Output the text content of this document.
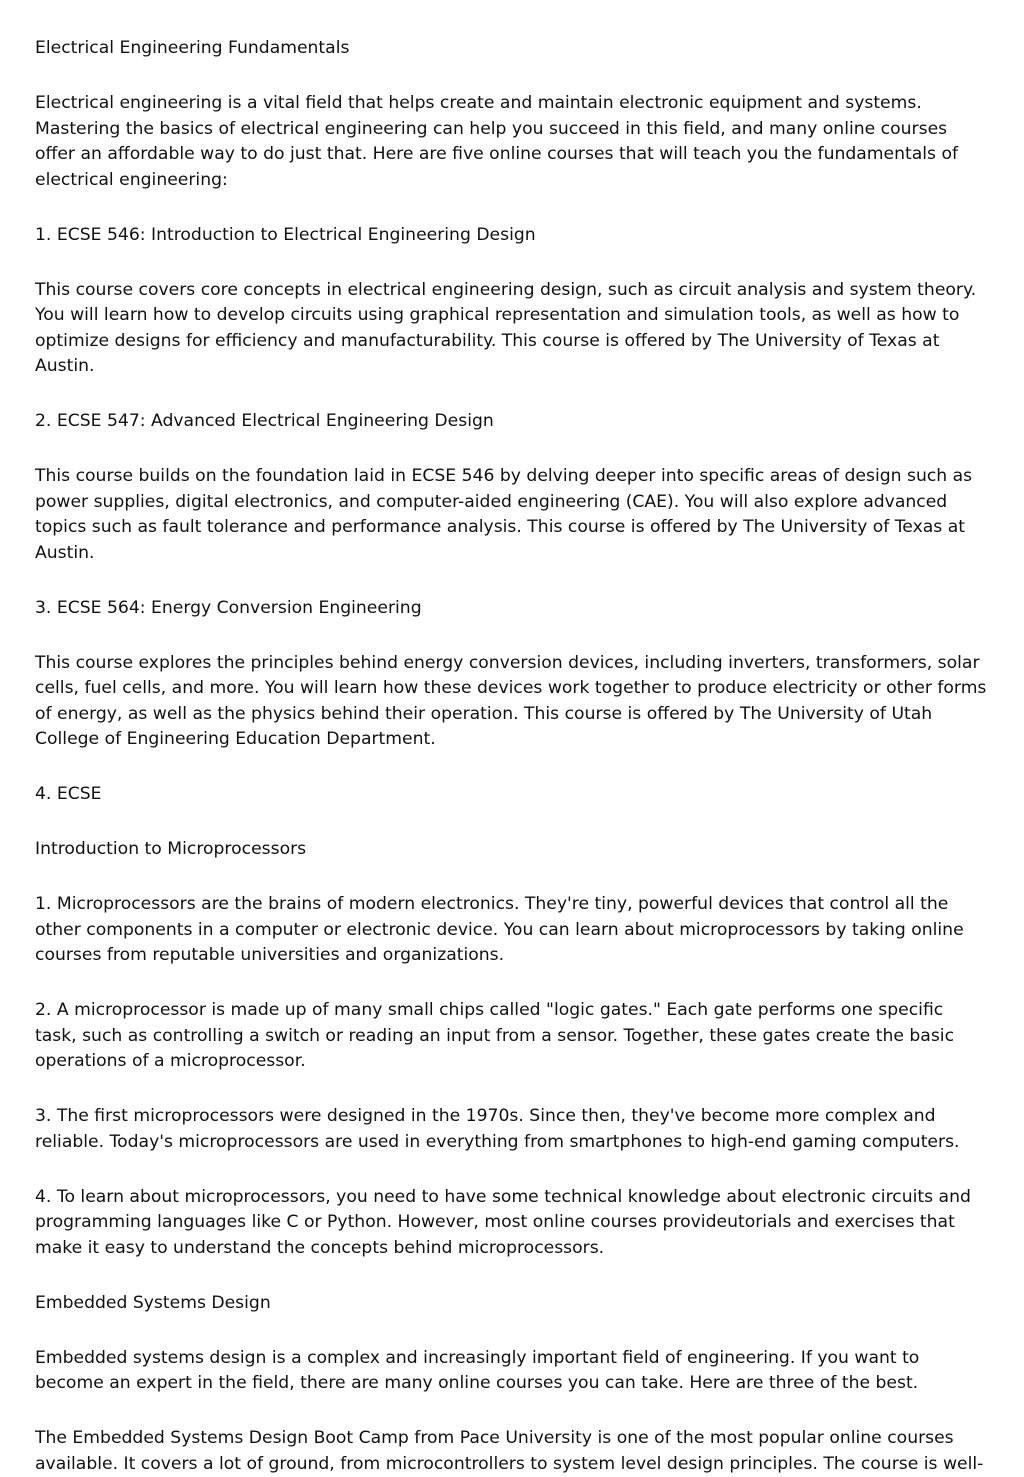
Electrical Engineering Fundamentals

Electrical engineering is a vital field that helps create and maintain electronic equipment and systems. Mastering the basics of electrical engineering can help you succeed in this field, and many online courses offer an affordable way to do just that. Here are five online courses that will teach you the fundamentals of electrical engineering:

1. ECSE 546: Introduction to Electrical Engineering Design

This course covers core concepts in electrical engineering design, such as circuit analysis and system theory. You will learn how to develop circuits using graphical representation and simulation tools, as well as how to optimize designs for efficiency and manufacturability. This course is offered by The University of Texas at Austin.

2. ECSE 547: Advanced Electrical Engineering Design

This course builds on the foundation laid in ECSE 546 by delving deeper into specific areas of design such as power supplies, digital electronics, and computer-aided engineering (CAE). You will also explore advanced topics such as fault tolerance and performance analysis. This course is offered by The University of Texas at Austin.

3. ECSE 564: Energy Conversion Engineering

This course explores the principles behind energy conversion devices, including inverters, transformers, solar cells, fuel cells, and more. You will learn how these devices work together to produce electricity or other forms of energy, as well as the physics behind their operation. This course is offered by The University of Utah College of Engineering Education Department.

4. ECSE

Introduction to Microprocessors

1. Microprocessors are the brains of modern electronics. They're tiny, powerful devices that control all the other components in a computer or electronic device. You can learn about microprocessors by taking online courses from reputable universities and organizations.

2. A microprocessor is made up of many small chips called "logic gates." Each gate performs one specific task, such as controlling a switch or reading an input from a sensor. Together, these gates create the basic operations of a microprocessor.

3. The first microprocessors were designed in the 1970s. Since then, they've become more complex and reliable. Today's microprocessors are used in everything from smartphones to high-end gaming computers.

4. To learn about microprocessors, you need to have some technical knowledge about electronic circuits and programming languages like C or Python. However, most online courses provideutorials and exercises that make it easy to understand the concepts behind microprocessors.

Embedded Systems Design

Embedded systems design is a complex and increasingly important field of engineering. If you want to become an expert in the field, there are many online courses you can take. Here are three of the best.

The Embedded Systems Design Boot Camp from Pace University is one of the most popular online courses available. It covers a lot of ground, from microcontrollers to system level design principles. The course is well-
